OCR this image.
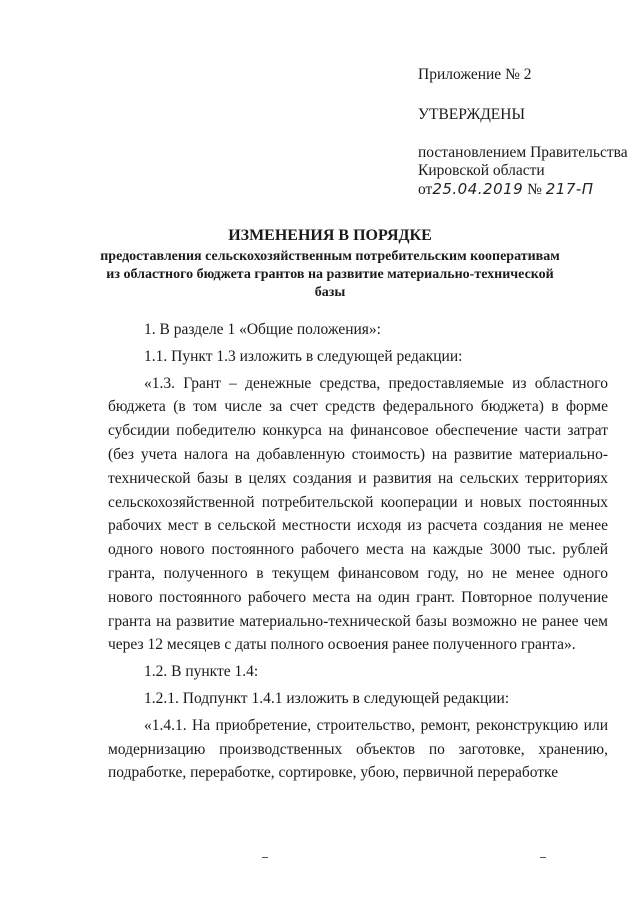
Приложение № 2

УТВЕРЖДЕНЫ

постановлением Правительства
Кировской области
от25.04.2019 № 217-П

ИЗМЕНЕНИЯ В ПОРЯДКЕ

предоставления сельскохозяйственным потребительским кооперативам из областного бюджета грантов на развитие материально-технической базы

1. В разделе 1 «Общие положения»:

1.1. Пункт 1.3 изложить в следующей редакции:

«1.3. Грант – денежные средства, предоставляемые из областного бюджета (в том числе за счет средств федерального бюджета) в форме субсидии победителю конкурса на финансовое обеспечение части затрат (без учета налога на добавленную стоимость) на развитие материально-технической базы в целях создания и развития на сельских территориях сельскохозяйственной потребительской кооперации и новых постоянных рабочих мест в сельской местности исходя из расчета создания не менее одного нового постоянного рабочего места на каждые 3000 тыс. рублей гранта, полученного в текущем финансовом году, но не менее одного нового постоянного рабочего места на один грант. Повторное получение гранта на развитие материально-технической базы возможно не ранее чем через 12 месяцев с даты полного освоения ранее полученного гранта».

1.2. В пункте 1.4:

1.2.1. Подпункт 1.4.1 изложить в следующей редакции:

«1.4.1. На приобретение, строительство, ремонт, реконструкцию или модернизацию производственных объектов по заготовке, хранению, подработке, переработке, сортировке, убою, первичной переработке
